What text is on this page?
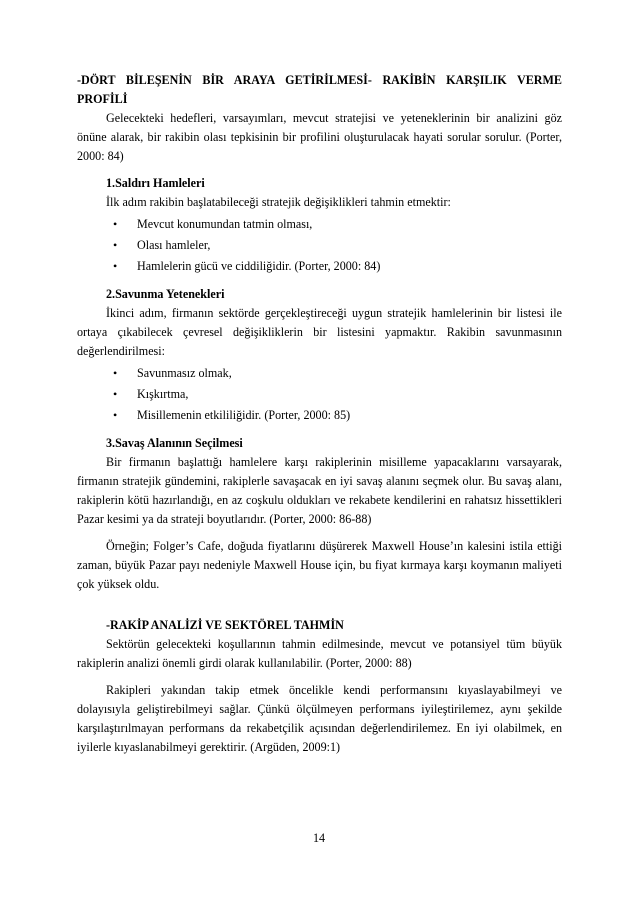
-DÖRT BİLEŞENİN BİR ARAYA GETİRİLMESİ- RAKİBİN KARŞILIK VERME PROFİLİ

Gelecekteki hedefleri, varsayımları, mevcut stratejisi ve yeteneklerinin bir analizini göz önüne alarak, bir rakibin olası tepkisinin bir profilini oluşturulacak hayati sorular sorulur. (Porter, 2000: 84)

1.Saldırı Hamleleri

İlk adım rakibin başlatabileceği stratejik değişiklikleri tahmin etmektir:

• Mevcut konumundan tatmin olması,
• Olası hamleler,
• Hamlelerin gücü ve ciddiliğidir. (Porter, 2000: 84)

2.Savunma Yetenekleri

İkinci adım, firmanın sektörde gerçekleştireceği uygun stratejik hamlelerinin bir listesi ile ortaya çıkabilecek çevresel değişikliklerin bir listesini yapmaktır. Rakibin savunmasının değerlendirilmesi:

• Savunmasız olmak,
• Kışkırtma,
• Misillemenin etkililiğidir. (Porter, 2000: 85)

3.Savaş Alanının Seçilmesi

Bir firmanın başlattığı hamlelere karşı rakiplerinin misilleme yapacaklarını varsayarak, firmanın stratejik gündemini, rakiplerle savaşacak en iyi savaş alanını seçmek olur. Bu savaş alanı, rakiplerin kötü hazırlandığı, en az coşkulu oldukları ve rekabete kendilerini en rahatsız hissettikleri Pazar kesimi ya da strateji boyutlarıdır. (Porter, 2000: 86-88)

Örneğin; Folger’s Cafe, doğuda fiyatlarını düşürerek Maxwell House’ın kalesini istila ettiği zaman, büyük Pazar payı nedeniyle Maxwell House için, bu fiyat kırmaya karşı koymanın maliyeti çok yüksek oldu.

-RAKİP ANALİZİ VE SEKTÖREL TAHMİN

Sektörün gelecekteki koşullarının tahmin edilmesinde, mevcut ve potansiyel tüm büyük rakiplerin analizi önemli girdi olarak kullanılabilir. (Porter, 2000: 88)

Rakipleri yakından takip etmek öncelikle kendi performansını kıyaslayabilmeyi ve dolayısıyla geliştirebilmeyi sağlar. Çünkü ölçülmeyen performans iyileştirilemez, aynı şekilde karşılaştırılmayan performans da rekabetçilik açısından değerlendirilemez. En iyi olabilmek, en iyilerle kıyaslanabilmeyi gerektirir. (Argüden, 2009:1)

14
